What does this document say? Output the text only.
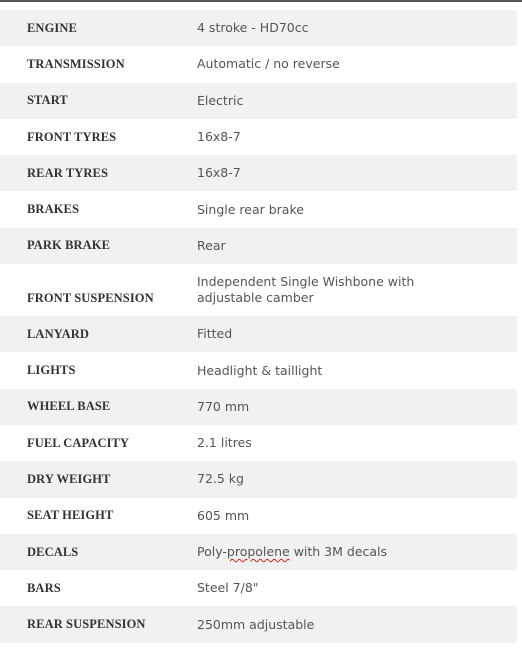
ENGINE	4 stroke - HD70cc
TRANSMISSION	Automatic / no reverse
START	Electric
FRONT TYRES	16x8-7
REAR TYRES	16x8-7
BRAKES	Single rear brake
PARK BRAKE	Rear
FRONT SUSPENSION	Independent Single Wishbone with adjustable camber
LANYARD	Fitted
LIGHTS	Headlight & taillight
WHEEL BASE	770 mm
FUEL CAPACITY	2.1 litres
DRY WEIGHT	72.5 kg
SEAT HEIGHT	605 mm
DECALS	Poly-propolene with 3M decals
BARS	Steel 7/8"
REAR SUSPENSION	250mm adjustable
